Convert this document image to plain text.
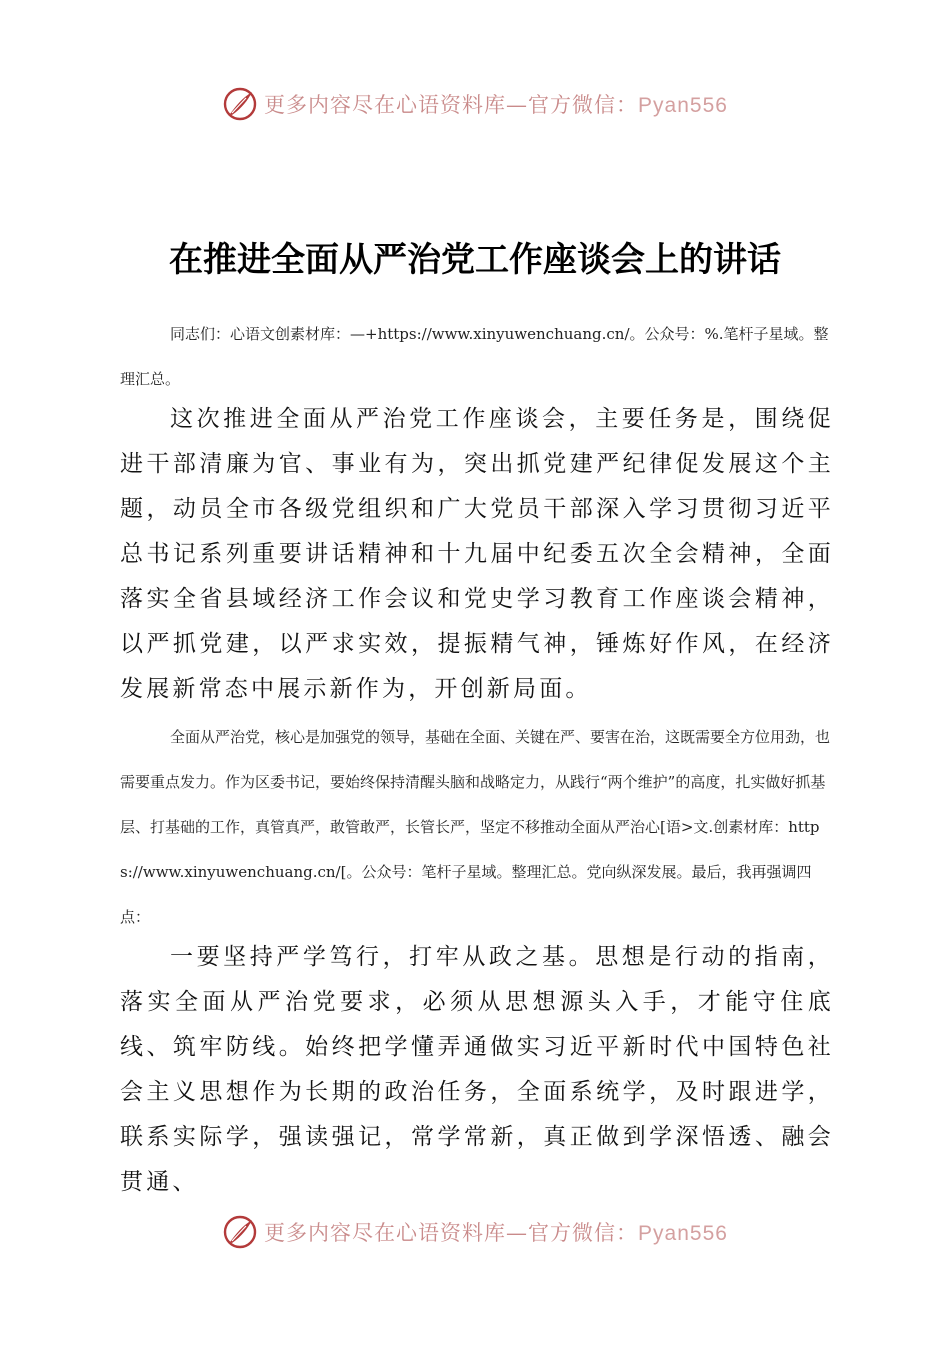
更多内容尽在心语资料库—官方微信：Pyan556
在推进全面从严治党工作座谈会上的讲话

同志们：心语文创素材库：—+https://www.xinyuwenchuang.cn/。公众号：%.笔杆子星域。整理汇总。

这次推进全面从严治党工作座谈会，主要任务是，围绕促进干部清廉为官、事业有为，突出抓党建严纪律促发展这个主题，动员全市各级党组织和广大党员干部深入学习贯彻习近平总书记系列重要讲话精神和十九届中纪委五次全会精神，全面落实全省县域经济工作会议和党史学习教育工作座谈会精神，以严抓党建，以严求实效，提振精气神，锤炼好作风，在经济发展新常态中展示新作为，开创新局面。

全面从严治党，核心是加强党的领导，基础在全面、关键在严、要害在治，这既需要全方位用劲，也需要重点发力。作为区委书记，要始终保持清醒头脑和战略定力，从践行“两个维护”的高度，扎实做好抓基层、打基础的工作，真管真严，敢管敢严，长管长严，坚定不移推动全面从严治心[语>文.创素材库：https://www.xinyuwenchuang.cn/[。公众号：笔杆子星域。整理汇总。党向纵深发展。最后，我再强调四点：

一要坚持严学笃行，打牢从政之基。思想是行动的指南，落实全面从严治党要求，必须从思想源头入手，才能守住底线、筑牢防线。始终把学懂弄通做实习近平新时代中国特色社会主义思想作为长期的政治任务，全面系统学，及时跟进学，联系实际学，强读强记，常学常新，真正做到学深悟透、融会贯通、

更多内容尽在心语资料库—官方微信：Pyan556
